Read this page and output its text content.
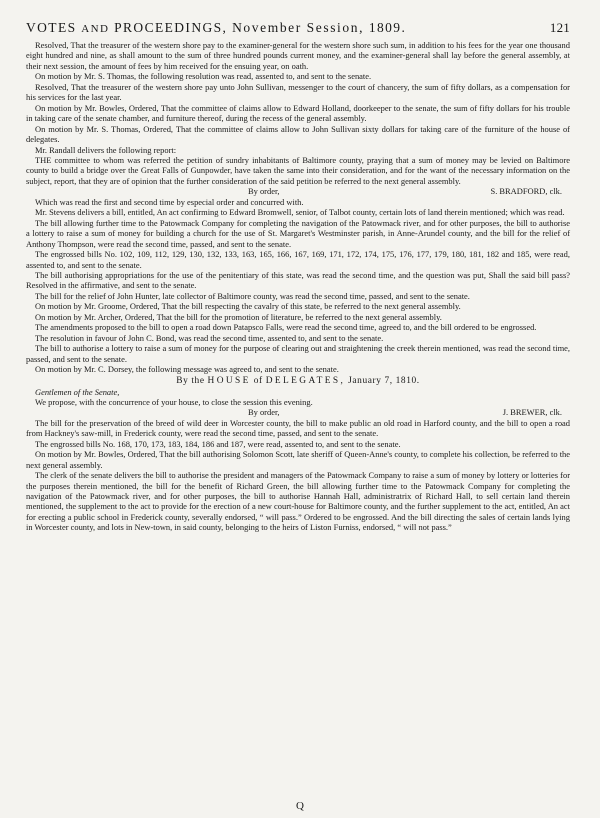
VOTES AND PROCEEDINGS, November Session, 1809.	121

Resolved, That the treasurer of the western shore pay to the examiner-general for the western shore such sum, in addition to his fees for the year one thousand eight hundred and nine, as shall amount to the sum of three hundred pounds current money, and the examiner-general shall lay before the general assembly, at their next session, the amount of fees by him received for the ensuing year, on oath.

On motion by Mr. S. Thomas, the following resolution was read, assented to, and sent to the senate.

Resolved, That the treasurer of the western shore pay unto John Sullivan, messenger to the court of chancery, the sum of fifty dollars, as a compensation for his services for the last year.

On motion by Mr. Bowles, Ordered, That the committee of claims allow to Edward Holland, doorkeeper to the senate, the sum of fifty dollars for his trouble in taking care of the senate chamber, and furniture thereof, during the recess of the general assembly.

On motion by Mr. S. Thomas, Ordered, That the committee of claims allow to John Sullivan sixty dollars for taking care of the furniture of the house of delegates.

Mr. Randall delivers the following report:

THE committee to whom was referred the petition of sundry inhabitants of Baltimore county, praying that a sum of money may be levied on Baltimore county to build a bridge over the Great Falls of Gunpowder, have taken the same into their consideration, and for the want of the necessary information on the subject, report, that they are of opinion that the further consideration of the said petition be referred to the next general assembly.

By order,	S. BRADFORD, clk.

Which was read the first and second time by especial order and concurred with.

Mr. Stevens delivers a bill, entitled, An act confirming to Edward Bromwell, senior, of Talbot county, certain lots of land therein mentioned; which was read.

The bill allowing further time to the Patowmack Company for completing the navigation of the Patowmack river, and for other purposes, the bill to authorise a lottery to raise a sum of money for building a church for the use of St. Margaret's Westminster parish, in Anne-Arundel county, and the bill for the relief of Anthony Thompson, were read the second time, passed, and sent to the senate.

The engrossed bills No. 102, 109, 112, 129, 130, 132, 133, 163, 165, 166, 167, 169, 171, 172, 174, 175, 176, 177, 179, 180, 181, 182 and 185, were read, assented to, and sent to the senate.

The bill authorising appropriations for the use of the penitentiary of this state, was read the second time, and the question was put, Shall the said bill pass? Resolved in the affirmative, and sent to the senate.

The bill for the relief of John Hunter, late collector of Baltimore county, was read the second time, passed, and sent to the senate.

On motion by Mr. Groome, Ordered, That the bill respecting the cavalry of this state, be referred to the next general assembly.

On motion by Mr. Archer, Ordered, That the bill for the promotion of literature, be referred to the next general assembly.

The amendments proposed to the bill to open a road down Patapsco Falls, were read the second time, agreed to, and the bill ordered to be engrossed.

The resolution in favour of John C. Bond, was read the second time, assented to, and sent to the senate.

The bill to authorise a lottery to raise a sum of money for the purpose of clearing out and straightening the creek therein mentioned, was read the second time, passed, and sent to the senate.

On motion by Mr. C. Dorsey, the following message was agreed to, and sent to the senate.

By the HOUSE of DELEGATES, January 7, 1810.

Gentlemen of the Senate,

We propose, with the concurrence of your house, to close the session this evening.

By order,	J. BREWER, clk.

The bill for the preservation of the breed of wild deer in Worcester county, the bill to make public an old road in Harford county, and the bill to open a road from Hackney's saw-mill, in Frederick county, were read the second time, passed, and sent to the senate.

The engrossed bills No. 168, 170, 173, 183, 184, 186 and 187, were read, assented to, and sent to the senate.

On motion by Mr. Bowles, Ordered, That the bill authorising Solomon Scott, late sheriff of Queen-Anne's county, to complete his collection, be referred to the next general assembly.

The clerk of the senate delivers the bill to authorise the president and managers of the Patowmack Company to raise a sum of money by lottery or lotteries for the purposes therein mentioned, the bill for the benefit of Richard Green, the bill allowing further time to the Patowmack Company for completing the navigation of the Patowmack river, and for other purposes, the bill to authorise Hannah Hall, administratrix of Richard Hall, to sell certain land therein mentioned, the supplement to the act to provide for the erection of a new court-house for Baltimore county, and the further supplement to the act, entitled, An act for erecting a public school in Frederick county, severally endorsed, “ will pass.” Ordered to be engrossed. And the bill directing the sales of certain lands lying in Worcester county, and lots in New-town, in said county, belonging to the heirs of Liston Furniss, endorsed, “ will not pass.”

Q
